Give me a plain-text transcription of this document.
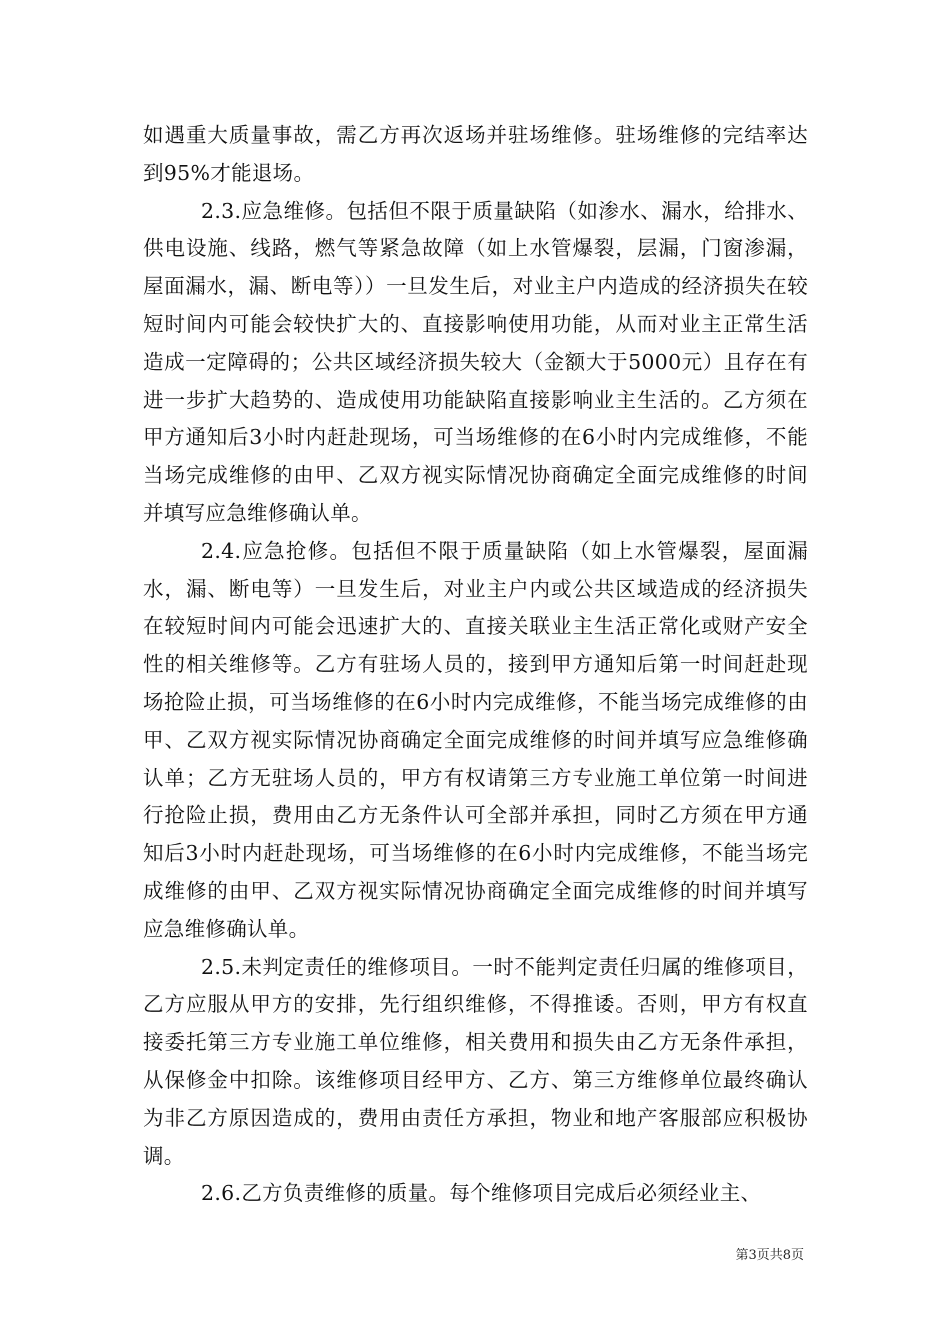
如遇重大质量事故，需乙方再次返场并驻场维修。驻场维修的完结率达到95%才能退场。

2.3.应急维修。包括但不限于质量缺陷（如渗水、漏水，给排水、供电设施、线路，燃气等紧急故障（如上水管爆裂，层漏，门窗渗漏，屋面漏水，漏、断电等））一旦发生后，对业主户内造成的经济损失在较短时间内可能会较快扩大的、直接影响使用功能，从而对业主正常生活造成一定障碍的；公共区域经济损失较大（金额大于5000元）且存在有进一步扩大趋势的、造成使用功能缺陷直接影响业主生活的。乙方须在甲方通知后3小时内赶赴现场，可当场维修的在6小时内完成维修，不能当场完成维修的由甲、乙双方视实际情况协商确定全面完成维修的时间并填写应急维修确认单。

2.4.应急抢修。包括但不限于质量缺陷（如上水管爆裂，屋面漏水，漏、断电等）一旦发生后，对业主户内或公共区域造成的经济损失在较短时间内可能会迅速扩大的、直接关联业主生活正常化或财产安全性的相关维修等。乙方有驻场人员的，接到甲方通知后第一时间赶赴现场抢险止损，可当场维修的在6小时内完成维修，不能当场完成维修的由甲、乙双方视实际情况协商确定全面完成维修的时间并填写应急维修确认单；乙方无驻场人员的，甲方有权请第三方专业施工单位第一时间进行抢险止损，费用由乙方无条件认可全部并承担，同时乙方须在甲方通知后3小时内赶赴现场，可当场维修的在6小时内完成维修，不能当场完成维修的由甲、乙双方视实际情况协商确定全面完成维修的时间并填写应急维修确认单。

2.5.未判定责任的维修项目。一时不能判定责任归属的维修项目，乙方应服从甲方的安排，先行组织维修，不得推诿。否则，甲方有权直接委托第三方专业施工单位维修，相关费用和损失由乙方无条件承担，从保修金中扣除。该维修项目经甲方、乙方、第三方维修单位最终确认为非乙方原因造成的，费用由责任方承担，物业和地产客服部应积极协调。

2.6.乙方负责维修的质量。每个维修项目完成后必须经业主、

第3页共8页
